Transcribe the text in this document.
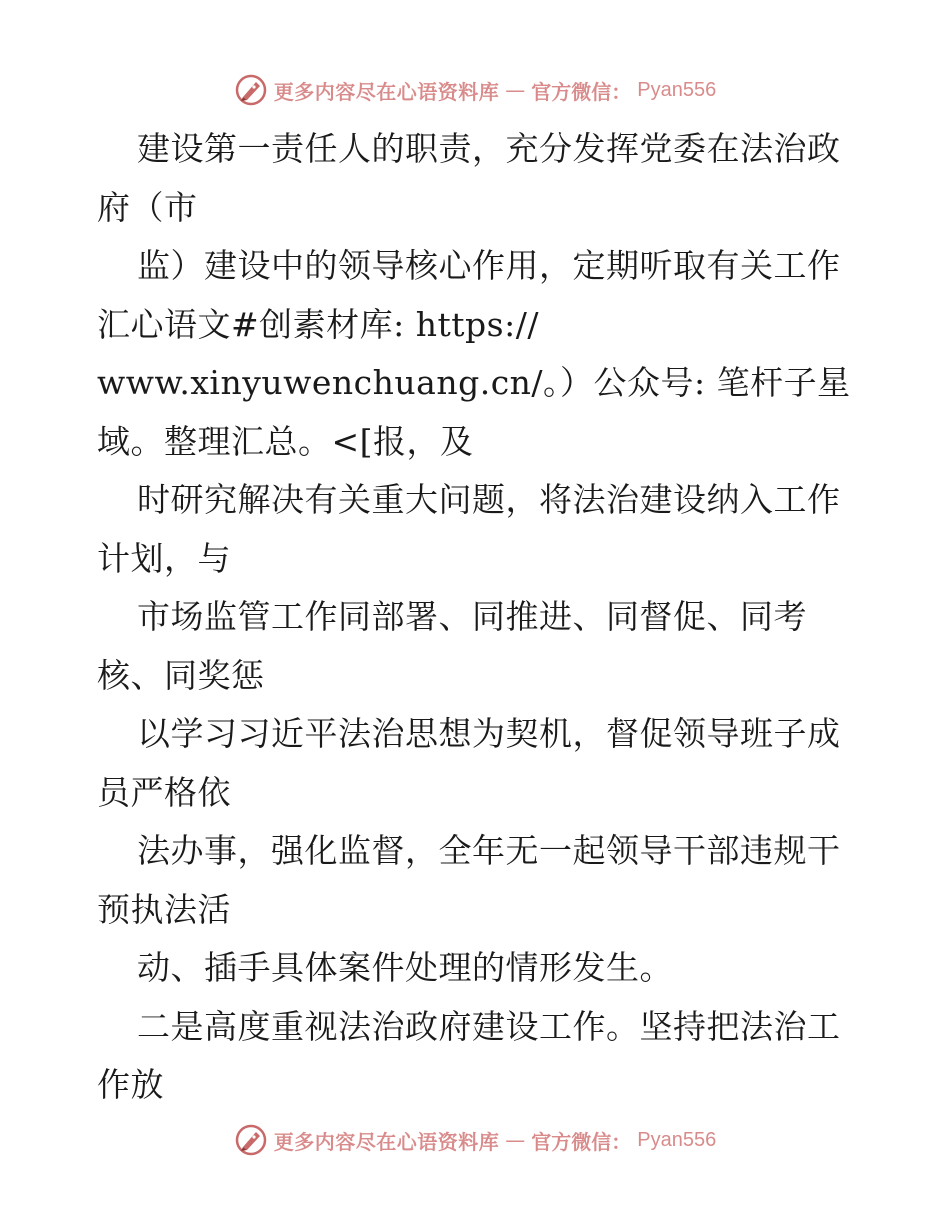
更多内容尽在心语资料库 — 官方微信： Pyan556
建设第一责任人的职责，充分发挥党委在法治政
府（市
监）建设中的领导核心作用，定期听取有关工作
汇心语文#创素材库: https://
www.xinyuwenchuang.cn/。）公众号: 笔杆子星
域。整理汇总。<[报，及
时研究解决有关重大问题，将法治建设纳入工作
计划，与
市场监管工作同部署、同推进、同督促、同考
核、同奖惩
以学习习近平法治思想为契机，督促领导班子成
员严格依
法办事，强化监督，全年无一起领导干部违规干
预执法活
动、插手具体案件处理的情形发生。
二是高度重视法治政府建设工作。坚持把法治工
作放
更多内容尽在心语资料库 — 官方微信： Pyan556
